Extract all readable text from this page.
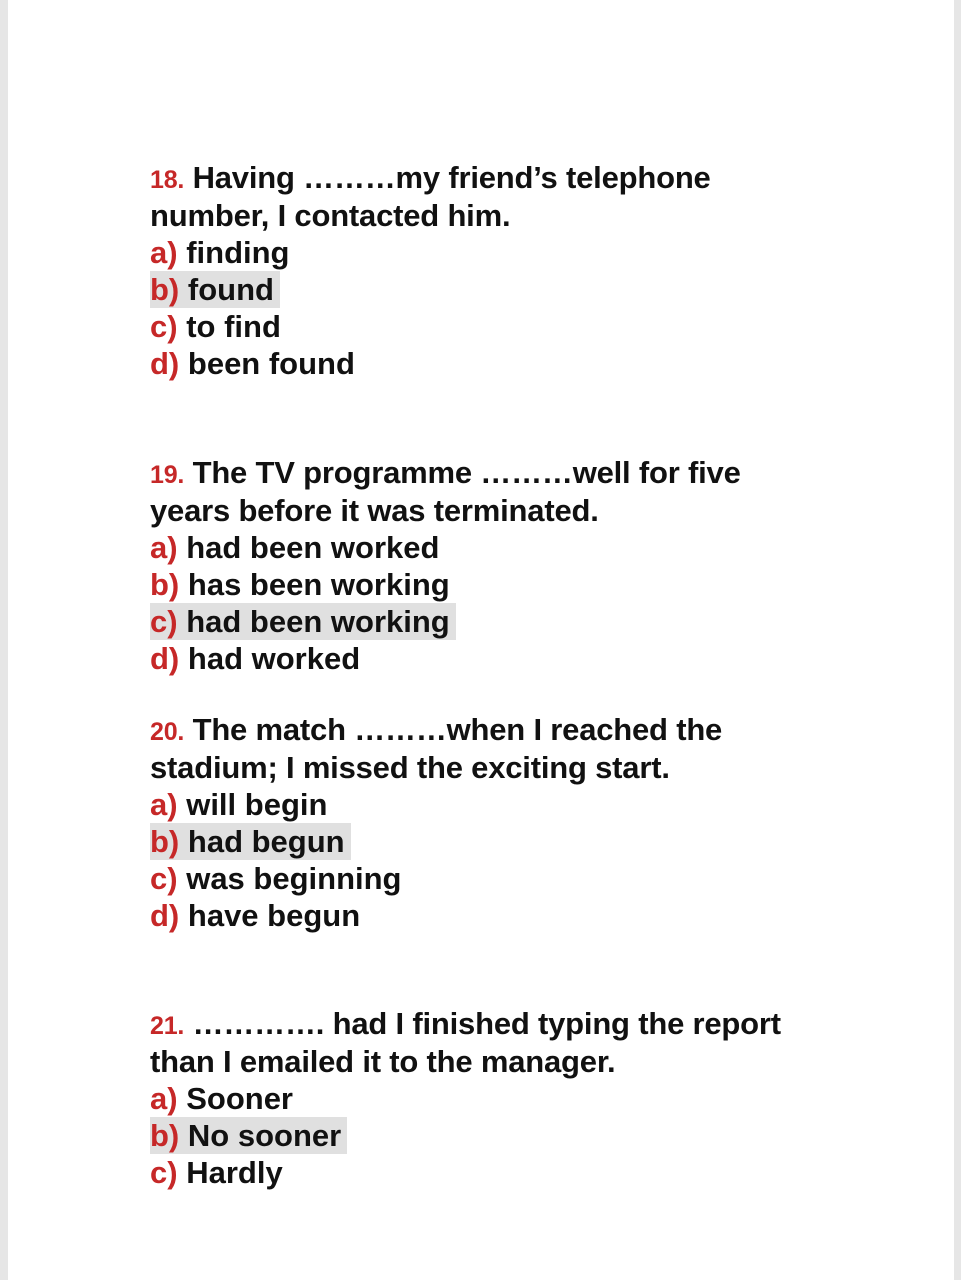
18. Having ………my friend’s telephone number, I contacted him.
a) finding
b) found
c) to find
d) been found
19. The TV programme ………well for five years before it was terminated.
a) had been worked
b) has been working
c) had been working
d) had worked
20. The match ………when I reached the stadium; I missed the exciting start.
a) will begin
b) had begun
c) was beginning
d) have begun
21. …………. had I finished typing the report than I emailed it to the manager.
a) Sooner
b) No sooner
c) Hardly
